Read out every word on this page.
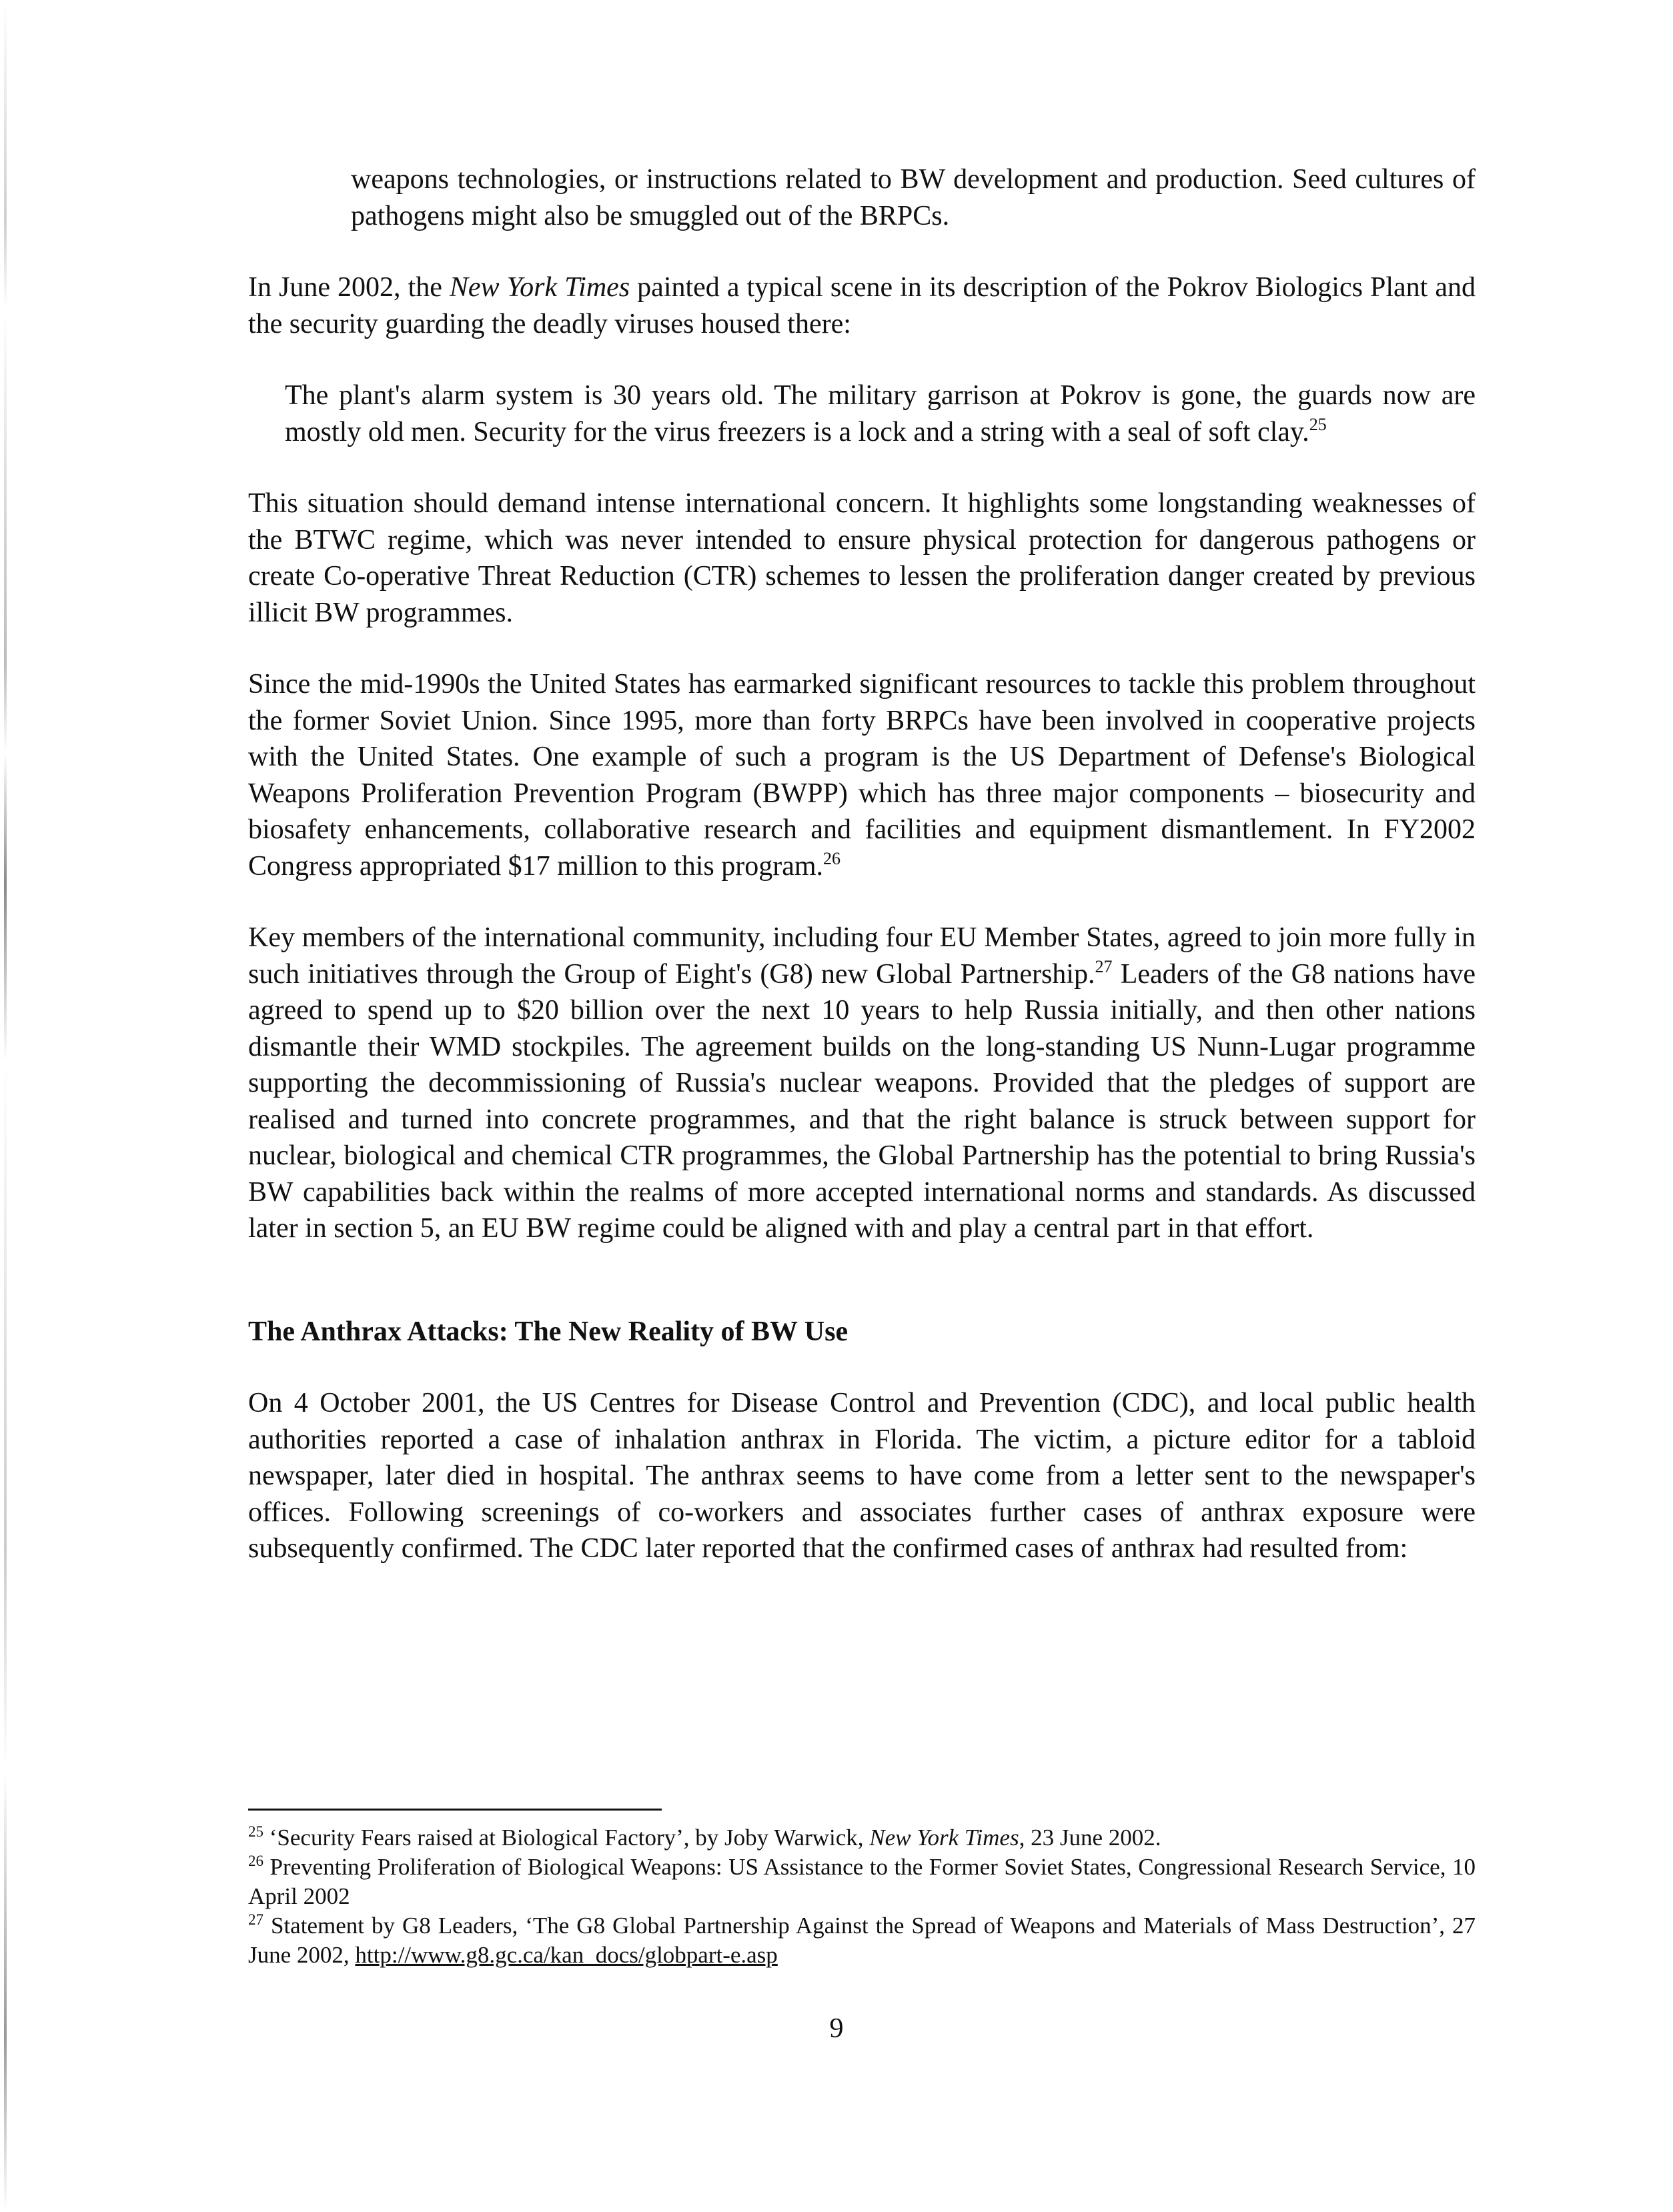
weapons technologies, or instructions related to BW development and production. Seed cultures of pathogens might also be smuggled out of the BRPCs.

In June 2002, the New York Times painted a typical scene in its description of the Pokrov Biologics Plant and the security guarding the deadly viruses housed there:

The plant's alarm system is 30 years old. The military garrison at Pokrov is gone, the guards now are mostly old men. Security for the virus freezers is a lock and a string with a seal of soft clay.$^{25}$

This situation should demand intense international concern. It highlights some longstanding weaknesses of the BTWC regime, which was never intended to ensure physical protection for dangerous pathogens or create Co-operative Threat Reduction (CTR) schemes to lessen the proliferation danger created by previous illicit BW programmes.

Since the mid-1990s the United States has earmarked significant resources to tackle this problem throughout the former Soviet Union. Since 1995, more than forty BRPCs have been involved in cooperative projects with the United States. One example of such a program is the US Department of Defense's Biological Weapons Proliferation Prevention Program (BWPP) which has three major components – biosecurity and biosafety enhancements, collaborative research and facilities and equipment dismantlement. In FY2002 Congress appropriated $17 million to this program.$^{26}$

Key members of the international community, including four EU Member States, agreed to join more fully in such initiatives through the Group of Eight's (G8) new Global Partnership.$^{27}$ Leaders of the G8 nations have agreed to spend up to $20 billion over the next 10 years to help Russia initially, and then other nations dismantle their WMD stockpiles. The agreement builds on the long-standing US Nunn-Lugar programme supporting the decommissioning of Russia's nuclear weapons. Provided that the pledges of support are realised and turned into concrete programmes, and that the right balance is struck between support for nuclear, biological and chemical CTR programmes, the Global Partnership has the potential to bring Russia's BW capabilities back within the realms of more accepted international norms and standards. As discussed later in section 5, an EU BW regime could be aligned with and play a central part in that effort.

The Anthrax Attacks: The New Reality of BW Use

On 4 October 2001, the US Centres for Disease Control and Prevention (CDC), and local public health authorities reported a case of inhalation anthrax in Florida. The victim, a picture editor for a tabloid newspaper, later died in hospital. The anthrax seems to have come from a letter sent to the newspaper's offices. Following screenings of co-workers and associates further cases of anthrax exposure were subsequently confirmed. The CDC later reported that the confirmed cases of anthrax had resulted from:

$^{25}$ ‘Security Fears raised at Biological Factory’, by Joby Warwick, New York Times, 23 June 2002.

$^{26}$ Preventing Proliferation of Biological Weapons: US Assistance to the Former Soviet States, Congressional Research Service, 10 April 2002

$^{27}$ Statement by G8 Leaders, ‘The G8 Global Partnership Against the Spread of Weapons and Materials of Mass Destruction’, 27 June 2002, http://www.g8.gc.ca/kan_docs/globpart-e.asp

9
